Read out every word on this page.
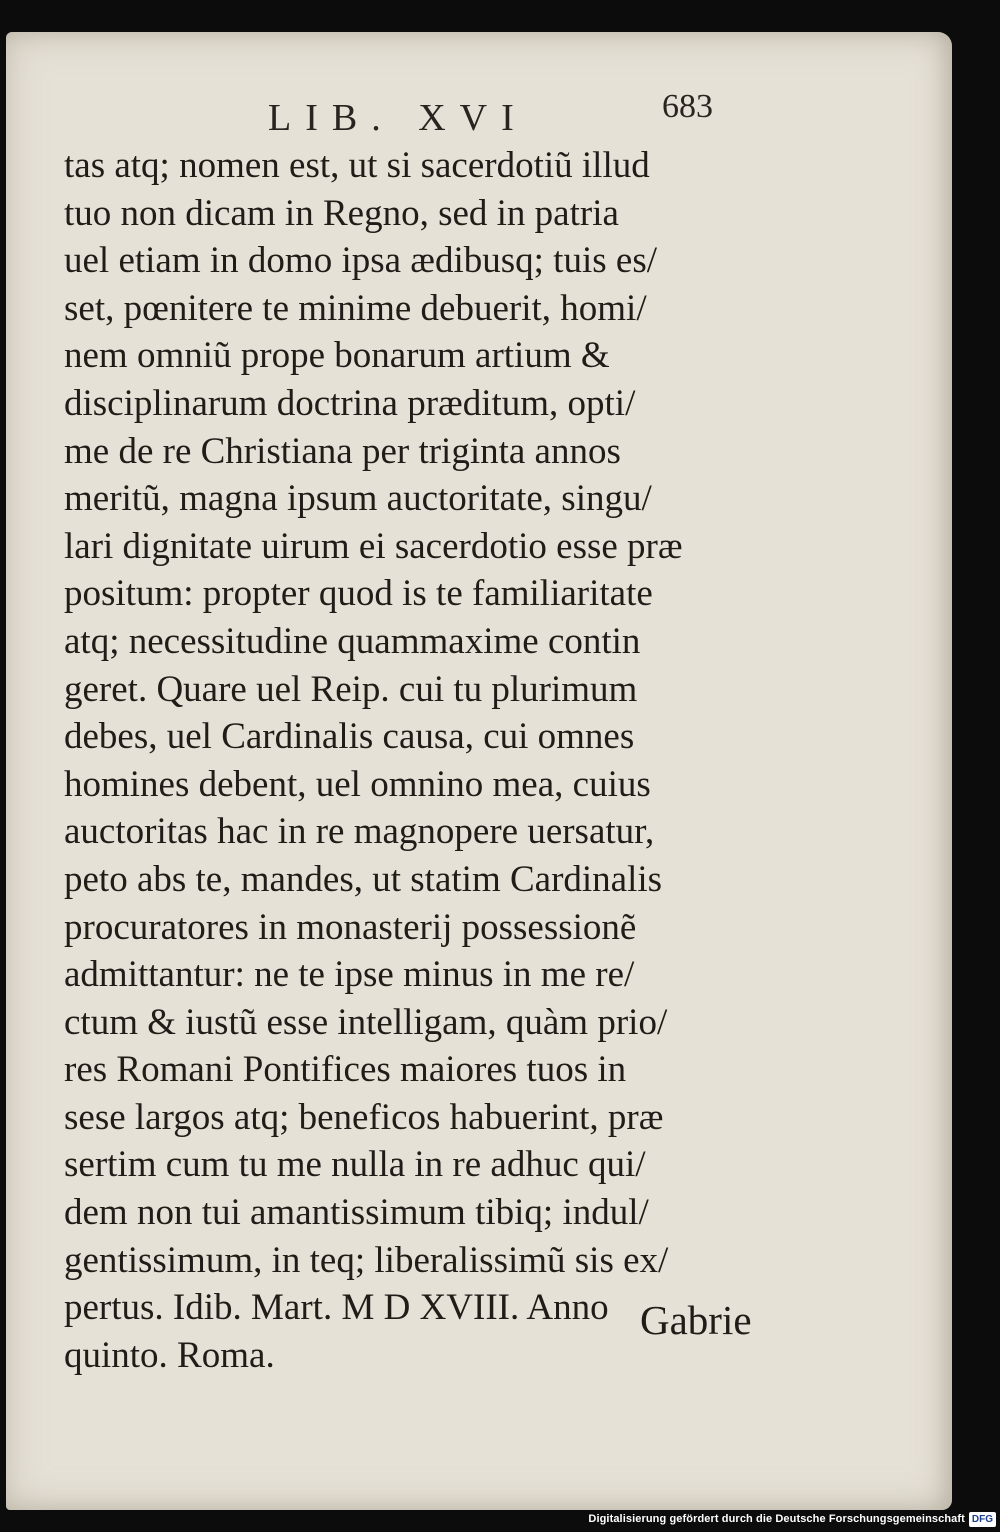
LIB. XVI	683
tas atq; nomen est, ut si sacerdotiũ illud
tuo non dicam in Regno, sed in patria
uel etiam in domo ipsa ædibusq; tuis es/
set, pœnitere te minime debuerit, homi/
nem omniũ prope bonarum artium &
disciplinarum doctrina præditum, opti/
me de re Christiana per triginta annos
meritũ, magna ipsum auctoritate, singu/
lari dignitate uirum ei sacerdotio esse præ
positum: propter quod is te familiaritate
atq; necessitudine quammaxime contin
geret. Quare uel Reip. cui tu plurimum
debes, uel Cardinalis causa, cui omnes
homines debent, uel omnino mea, cuius
auctoritas hac in re magnopere uersatur,
peto abs te, mandes, ut statim Cardinalis
procuratores in monasterij possessionẽ
admittantur: ne te ipse minus in me re/
ctum & iustũ esse intelligam, quàm prio/
res Romani Pontifices maiores tuos in
sese largos atq; beneficos habuerint, præ
sertim cum tu me nulla in re adhuc qui/
dem non tui amantissimum tibiq; indul/
gentissimum, in teq; liberalissimũ sis ex/
pertus. Idib. Mart. M D XVIII. Anno
quinto. Roma.
Gabrie
Digitalisierung gefördert durch die Deutsche Forschungsgemeinschaft DFG
